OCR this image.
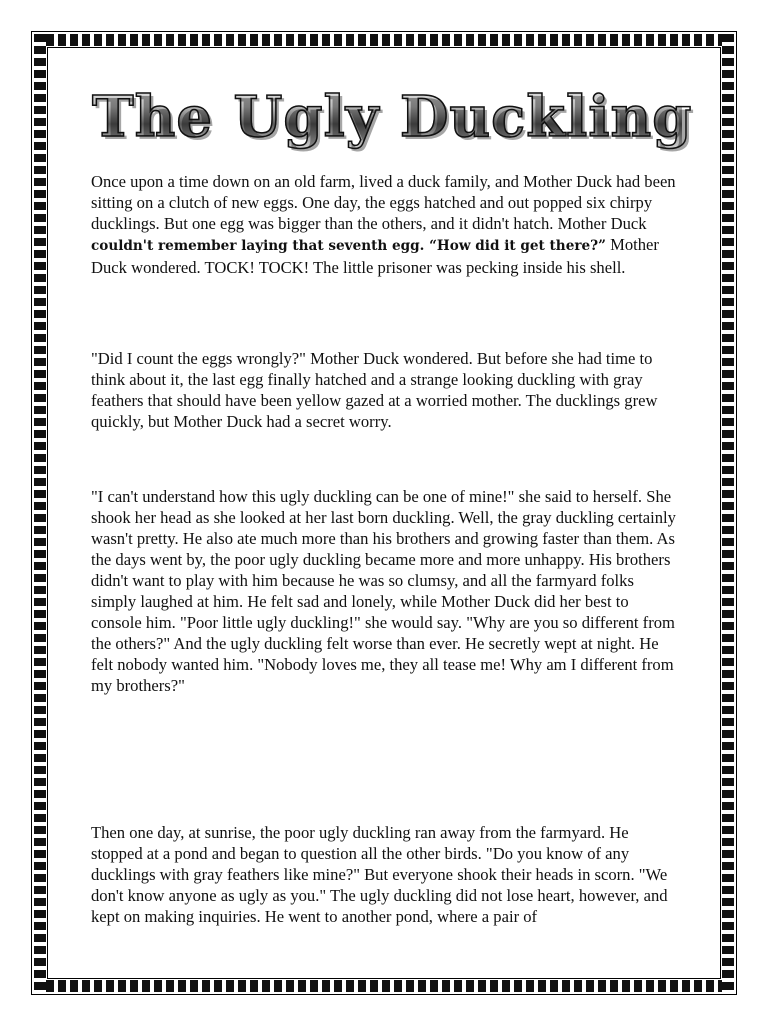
The Ugly Duckling

Once upon a time down on an old farm, lived a duck family, and Mother Duck had been sitting on a clutch of new eggs. One day, the eggs hatched and out popped six chirpy ducklings. But one egg was bigger than the others, and it didn't hatch. Mother Duck couldn't remember laying that seventh egg. “How did it get there?” Mother Duck wondered. TOCK! TOCK! The little prisoner was pecking inside his shell.

"Did I count the eggs wrongly?" Mother Duck wondered. But before she had time to think about it, the last egg finally hatched and a strange looking duckling with gray feathers that should have been yellow gazed at a worried mother. The ducklings grew quickly, but Mother Duck had a secret worry.

"I can't understand how this ugly duckling can be one of mine!" she said to herself. She shook her head as she looked at her last born duckling. Well, the gray duckling certainly wasn't pretty. He also ate much more than his brothers and growing faster than them. As the days went by, the poor ugly duckling became more and more unhappy. His brothers didn't want to play with him because he was so clumsy, and all the farmyard folks simply laughed at him. He felt sad and lonely, while Mother Duck did her best to console him. "Poor little ugly duckling!" she would say. "Why are you so different from the others?" And the ugly duckling felt worse than ever. He secretly wept at night. He felt nobody wanted him. "Nobody loves me, they all tease me! Why am I different from my brothers?"

Then one day, at sunrise, the poor ugly duckling ran away from the farmyard. He stopped at a pond and began to question all the other birds. "Do you know of any ducklings with gray feathers like mine?" But everyone shook their heads in scorn. "We don't know anyone as ugly as you." The ugly duckling did not lose heart, however, and kept on making inquiries. He went to another pond, where a pair of
